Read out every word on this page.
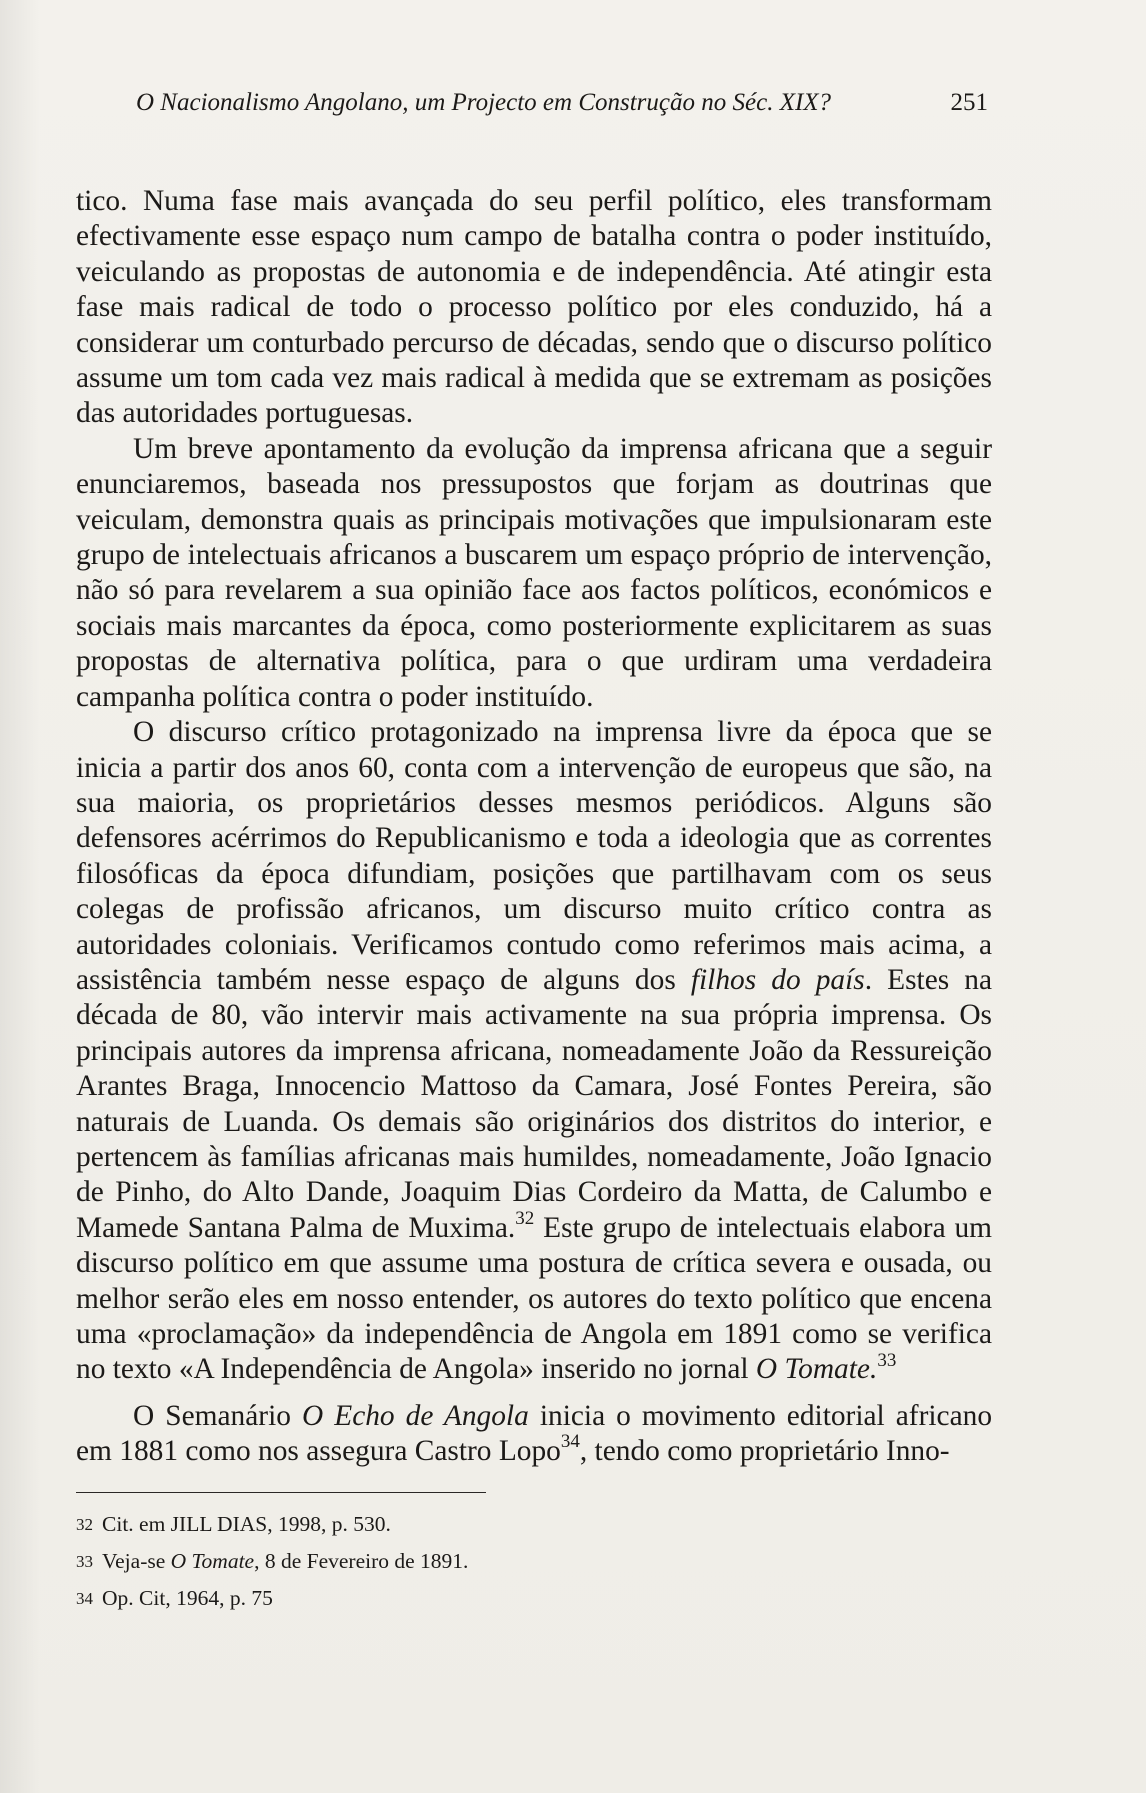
O Nacionalismo Angolano, um Projecto em Construção no Séc. XIX?	251

tico. Numa fase mais avançada do seu perfil político, eles transformam efectivamente esse espaço num campo de batalha contra o poder instituído, veiculando as propostas de autonomia e de independência. Até atingir esta fase mais radical de todo o processo político por eles conduzido, há a considerar um conturbado percurso de décadas, sendo que o discurso político assume um tom cada vez mais radical à medida que se extremam as posições das autoridades portuguesas.

Um breve apontamento da evolução da imprensa africana que a seguir enunciaremos, baseada nos pressupostos que forjam as doutrinas que veiculam, demonstra quais as principais motivações que impulsionaram este grupo de intelectuais africanos a buscarem um espaço próprio de intervenção, não só para revelarem a sua opinião face aos factos políticos, económicos e sociais mais marcantes da época, como posteriormente explicitarem as suas propostas de alternativa política, para o que urdiram uma verdadeira campanha política contra o poder instituído.

O discurso crítico protagonizado na imprensa livre da época que se inicia a partir dos anos 60, conta com a intervenção de europeus que são, na sua maioria, os proprietários desses mesmos periódicos. Alguns são defensores acérrimos do Republicanismo e toda a ideologia que as correntes filosóficas da época difundiam, posições que partilhavam com os seus colegas de profissão africanos, um discurso muito crítico contra as autoridades coloniais. Verificamos contudo como referimos mais acima, a assistência também nesse espaço de alguns dos filhos do país. Estes na década de 80, vão intervir mais activamente na sua própria imprensa. Os principais autores da imprensa africana, nomeadamente João da Ressureição Arantes Braga, Innocencio Mattoso da Camara, José Fontes Pereira, são naturais de Luanda. Os demais são originários dos distritos do interior, e pertencem às famílias africanas mais humildes, nomeadamente, João Ignacio de Pinho, do Alto Dande, Joaquim Dias Cordeiro da Matta, de Calumbo e Mamede Santana Palma de Muxima.$^{32}$ Este grupo de intelectuais elabora um discurso político em que assume uma postura de crítica severa e ousada, ou melhor serão eles em nosso entender, os autores do texto político que encena uma «proclamação» da independência de Angola em 1891 como se verifica no texto «A Independência de Angola» inserido no jornal O Tomate.$^{33}$

O Semanário O Echo de Angola inicia o movimento editorial africano em 1881 como nos assegura Castro Lopo$^{34}$, tendo como proprietário Inno-

32 Cit. em JILL DIAS, 1998, p. 530.
33 Veja-se O Tomate, 8 de Fevereiro de 1891.
34 Op. Cit, 1964, p. 75
